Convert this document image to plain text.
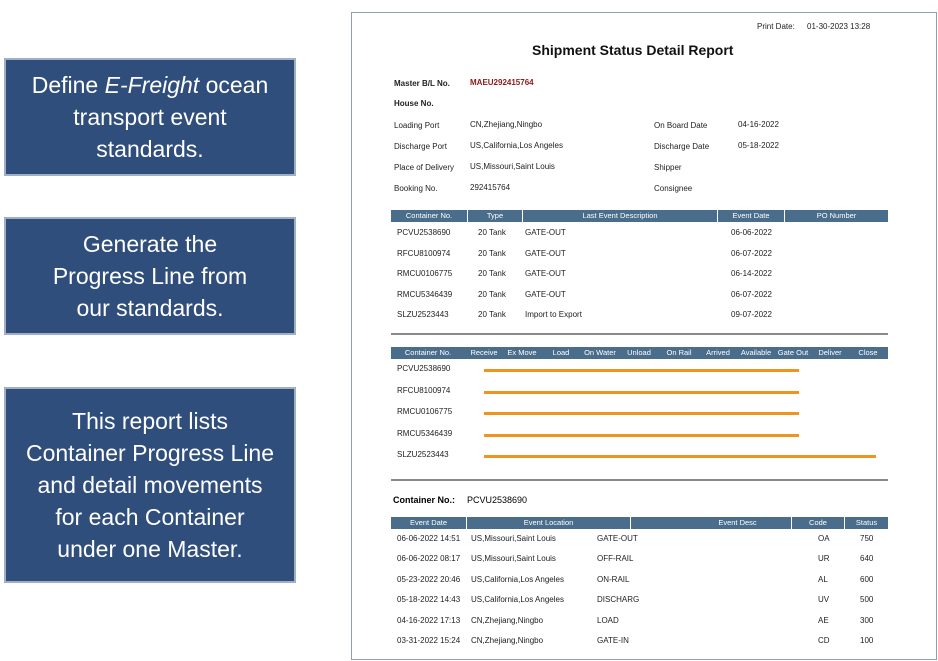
Define E-Freight ocean
transport event
standards.
Generate the
Progress Line from
our standards.
This report lists
Container Progress Line
and detail movements
for each Container
under one Master.
Print Date: 01-30-2023 13:28
Shipment Status Detail Report
Master B/L No.	MAEU292415764
House No.
Loading Port	CN,Zhejiang,Ningbo
Discharge Port	US,California,Los Angeles
Place of Delivery US,Missouri,Saint Louis
Booking No.	292415764
On Board Date	04-16-2022
Discharge Date	05-18-2022
Shipper
Consignee
Container No.	Type	Last Event Description	Event Date	PO Number
PCVU2538690	20 Tank GATE-OUT	06-06-2022
RFCU8100974	20 Tank GATE-OUT	06-07-2022
RMCU0106775	20 Tank GATE-OUT	06-14-2022
RMCU5346439	20 Tank GATE-OUT	06-07-2022
SLZU2523443	20 Tank Import to Export	09-07-2022
Container No.	Receive	Ex Move	Load	On Water	Unload	On Rail	Arrived	Available Gate Out	Deliver	Close
PCVU2538690
RFCU8100974
RMCU0106775
RMCU5346439
SLZU2523443
Container No.: PCVU2538690
Event Date	Event Location	Event Desc	Code	Status
06-06-2022 14:51 US,Missouri,Saint Louis	GATE-OUT	OA	750
06-06-2022 08:17 US,Missouri,Saint Louis	OFF-RAIL	UR	640
05-23-2022 20:46 US,California,Los Angeles	ON-RAIL	AL	600
05-18-2022 14:43 US,California,Los Angeles	DISCHARG	UV	500
04-16-2022 17:13 CN,Zhejiang,Ningbo	LOAD	AE	300
03-31-2022 15:24 CN,Zhejiang,Ningbo	GATE-IN	CD	100
